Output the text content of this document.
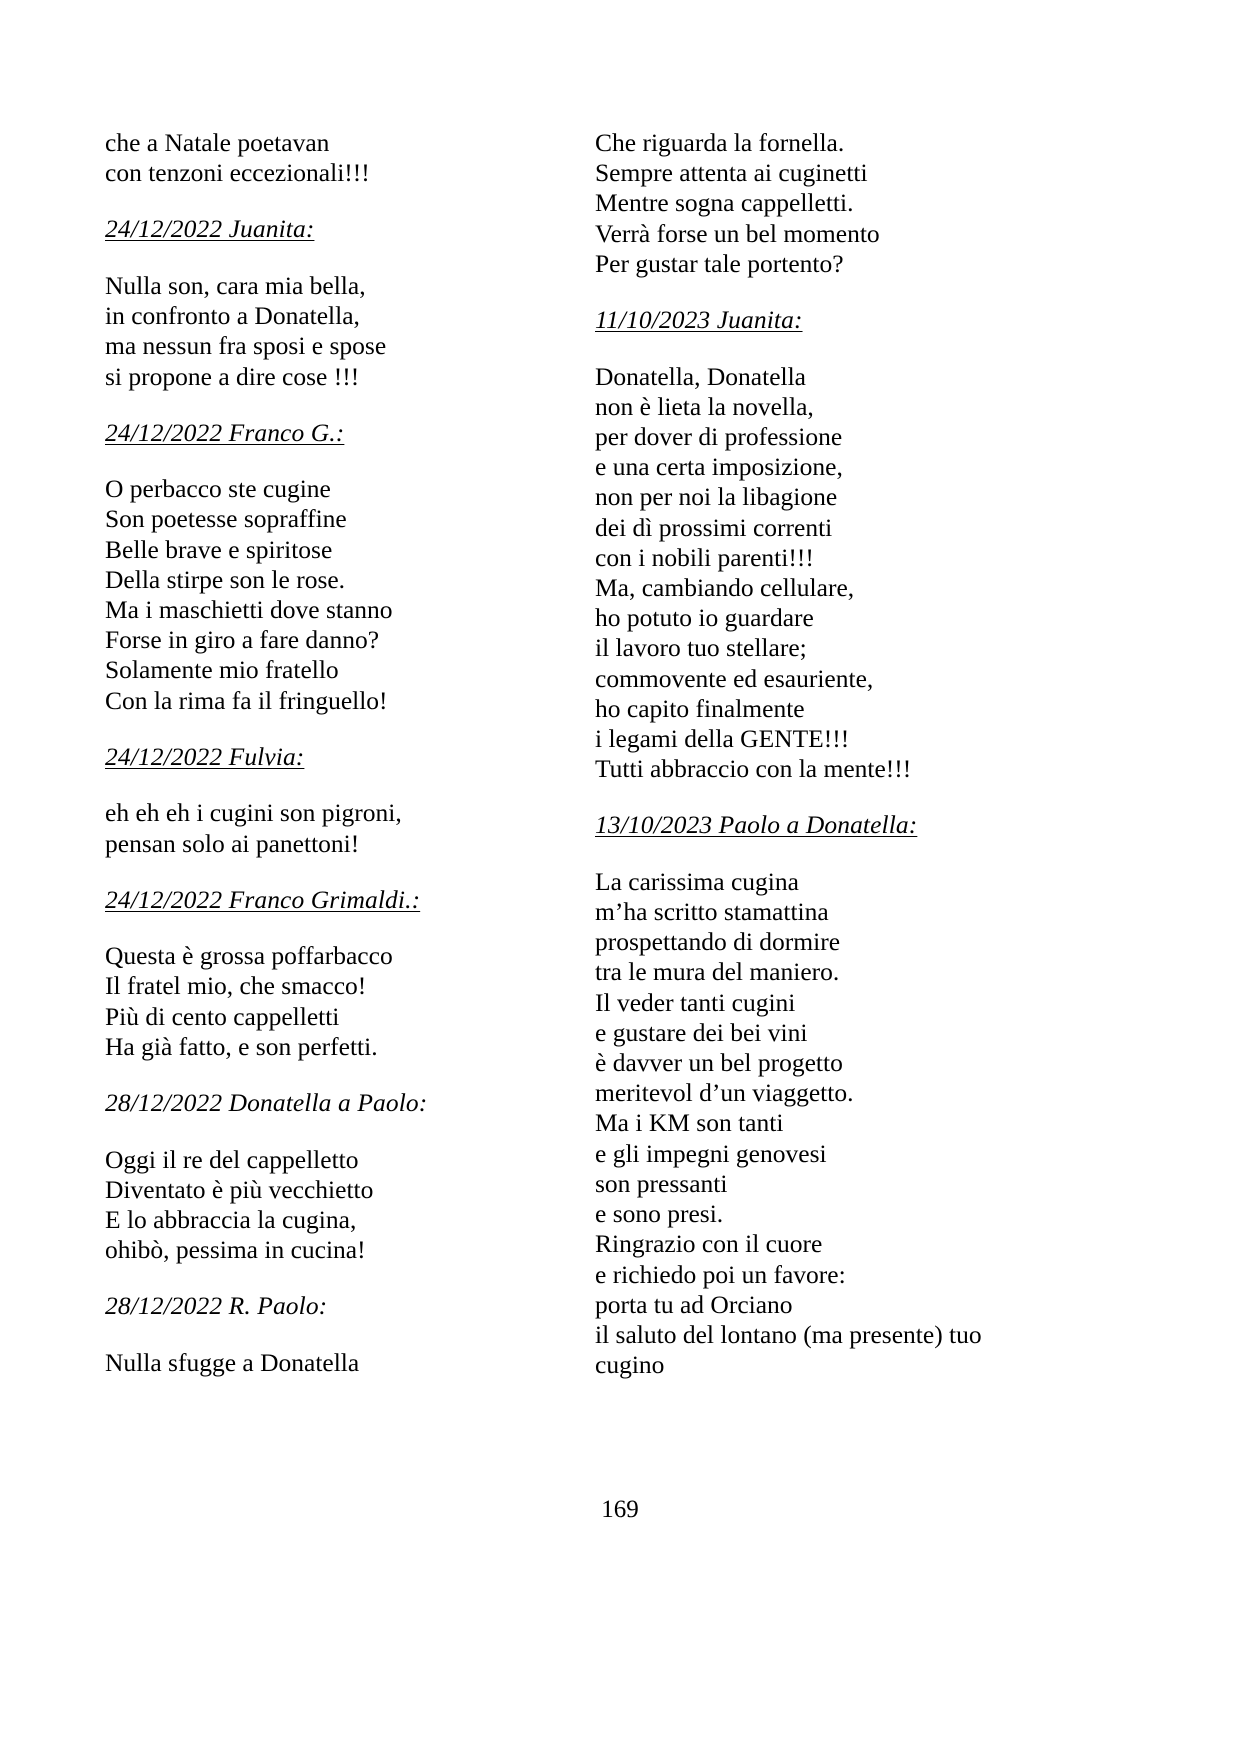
che a Natale poetavan
con tenzoni eccezionali!!!
24/12/2022 Juanita:
Nulla son, cara mia bella,
in confronto a Donatella,
ma nessun fra sposi e spose
si propone a dire cose !!!
24/12/2022 Franco G.:
O perbacco ste cugine
Son poetesse sopraffine
Belle brave e spiritose
Della stirpe son le rose.
Ma i maschietti dove stanno
Forse in giro a fare danno?
Solamente mio fratello
Con la rima fa il fringuello!
24/12/2022 Fulvia:
eh eh eh i cugini son pigroni,
pensan solo ai panettoni!
24/12/2022 Franco Grimaldi.:
Questa è grossa poffarbacco
Il fratel mio, che smacco!
Più di cento cappelletti
Ha già fatto, e son perfetti.
28/12/2022 Donatella a Paolo:
Oggi il re del cappelletto
Diventato è più vecchietto
E lo abbraccia la cugina,
ohibò, pessima in cucina!
28/12/2022 R. Paolo:
Nulla sfugge a Donatella
Che riguarda la fornella.
Sempre attenta ai cuginetti
Mentre sogna cappelletti.
Verrà forse un bel momento
Per gustar tale portento?
11/10/2023 Juanita:
Donatella, Donatella
non è lieta la novella,
per dover di professione
e una certa imposizione,
non per noi la libagione
dei dì prossimi correnti
con i nobili parenti!!!
Ma, cambiando cellulare,
ho potuto io guardare
il lavoro tuo stellare;
commovente ed esauriente,
ho capito finalmente
i legami della GENTE!!!
Tutti abbraccio con la mente!!!
13/10/2023 Paolo a Donatella:
La carissima cugina
m’ha scritto stamattina
prospettando di dormire
tra le mura del maniero.
Il veder tanti cugini
e gustare dei bei vini
è davver un bel progetto
meritevol d’un viaggetto.
Ma i KM son tanti
e gli impegni genovesi
son pressanti
e sono presi.
Ringrazio con il cuore
e richiedo poi un favore:
porta tu ad Orciano
il saluto del lontano (ma presente) tuo
cugino
169
